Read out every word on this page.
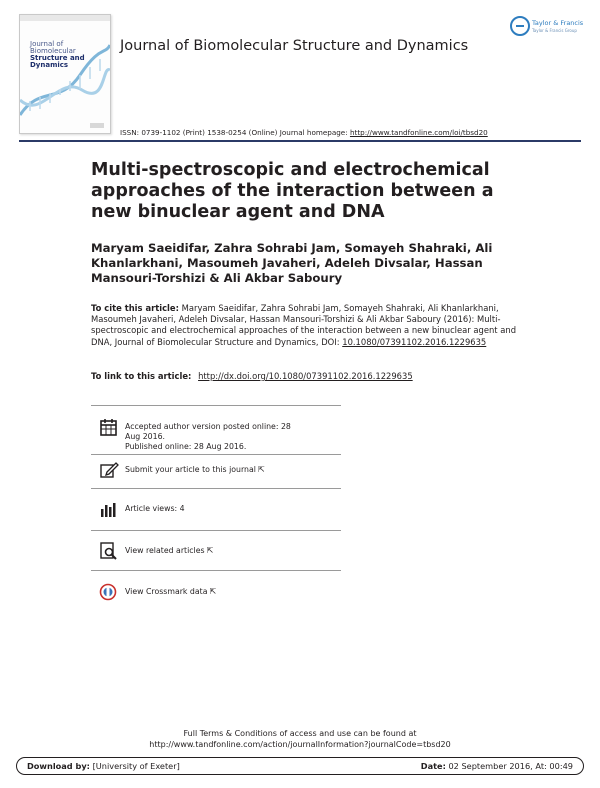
Journal of Biomolecular
Structure and Dynamics
Journal of Biomolecular Structure and Dynamics
Taylor & Francis
Taylor & Francis Group
ISSN: 0739-1102 (Print) 1538-0254 (Online) Journal homepage: http://www.tandfonline.com/loi/tbsd20
Multi-spectroscopic and electrochemical approaches of the interaction between a new binuclear agent and DNA
Maryam Saeidifar, Zahra Sohrabi Jam, Somayeh Shahraki, Ali Khanlarkhani, Masoumeh Javaheri, Adeleh Divsalar, Hassan Mansouri-Torshizi & Ali Akbar Saboury
To cite this article: Maryam Saeidifar, Zahra Sohrabi Jam, Somayeh Shahraki, Ali Khanlarkhani, Masoumeh Javaheri, Adeleh Divsalar, Hassan Mansouri-Torshizi & Ali Akbar Saboury (2016): Multi-spectroscopic and electrochemical approaches of the interaction between a new binuclear agent and DNA, Journal of Biomolecular Structure and Dynamics, DOI: 10.1080/07391102.2016.1229635
To link to this article: http://dx.doi.org/10.1080/07391102.2016.1229635
Accepted author version posted online: 28
Aug 2016.
Published online: 28 Aug 2016.
Submit your article to this journal ⇱
Article views: 4
View related articles ⇱
View Crossmark data ⇱
Full Terms & Conditions of access and use can be found at
http://www.tandfonline.com/action/journalInformation?journalCode=tbsd20
Download by: [University of Exeter]	Date: 02 September 2016, At: 00:49
